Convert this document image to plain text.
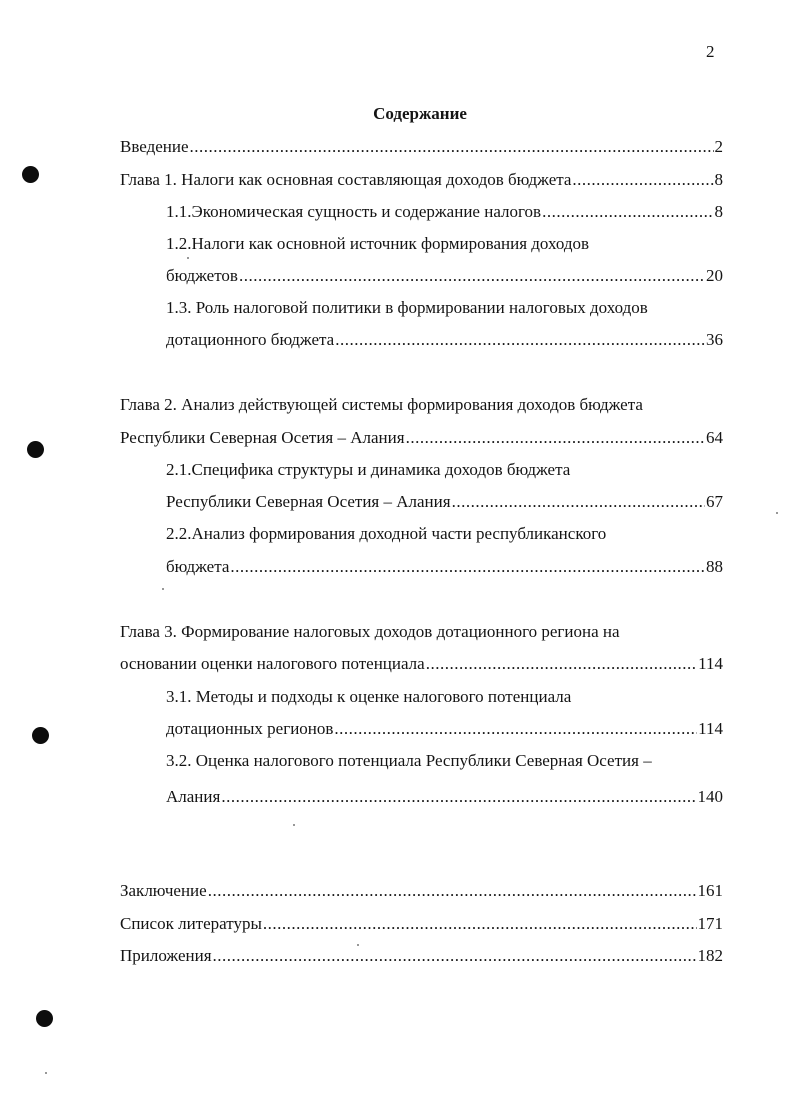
2
Содержание
Введение .....	2
Глава 1. Налоги как основная составляющая доходов бюджета .....	8
1.1.Экономическая сущность и содержание налогов .....	8
1.2.Налоги как основной источник формирования доходов
бюджетов .....	20
1.3. Роль налоговой политики в формировании налоговых доходов
дотационного бюджета .....	36
Глава 2. Анализ действующей системы формирования доходов бюджета
Республики Северная Осетия – Алания .....	64
2.1.Специфика структуры и динамика доходов бюджета
Республики Северная Осетия – Алания .....	67
2.2.Анализ формирования доходной части республиканского
бюджета .....	88
Глава 3. Формирование налоговых доходов дотационного региона на
основании оценки налогового потенциала .....	114
3.1. Методы и подходы к оценке налогового потенциала
дотационных регионов .....	114
3.2. Оценка налогового потенциала Республики Северная Осетия –
Алания .....	140
Заключение .....	161
Список литературы .....	171
Приложения .....	182
